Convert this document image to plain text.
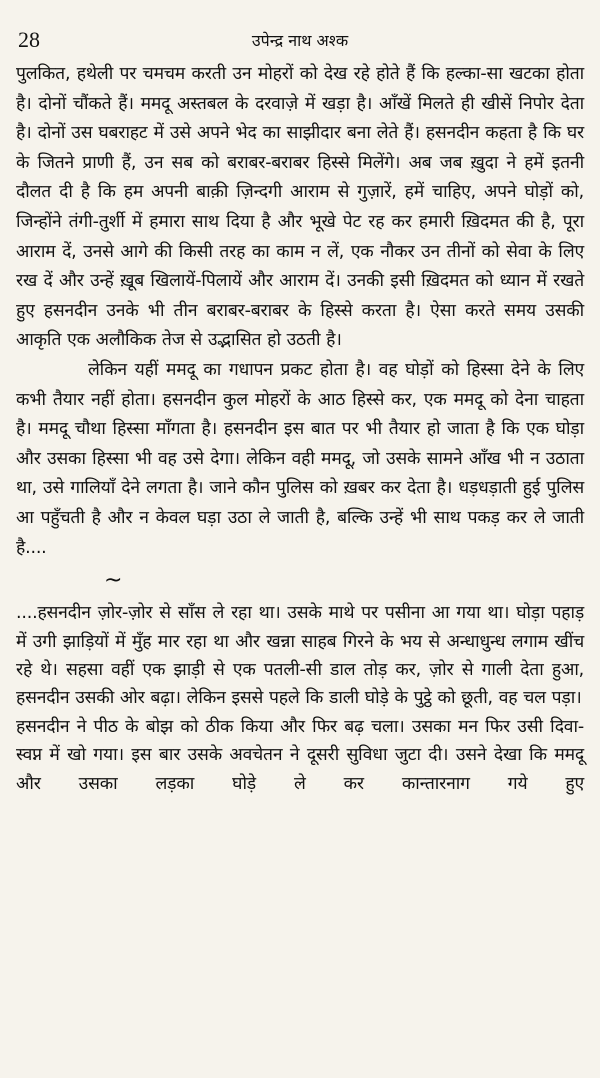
28	उपेन्द्र नाथ अश्क

पुलकित, हथेली पर चमचम करती उन मोहरों को देख रहे होते हैं कि हल्का-सा खटका होता है। दोनों चौंकते हैं। ममदू अस्तबल के दरवाज़े में खड़ा है। आँखें मिलते ही खीसें निपोर देता है। दोनों उस घबराहट में उसे अपने भेद का साझीदार बना लेते हैं। हसनदीन कहता है कि घर के जितने प्राणी हैं, उन सब को बराबर-बराबर हिस्से मिलेंगे। अब जब ख़ुदा ने हमें इतनी दौलत दी है कि हम अपनी बाक़ी ज़िन्दगी आराम से गुज़ारें, हमें चाहिए, अपने घोड़ों को, जिन्होंने तंगी-तुर्शी में हमारा साथ दिया है और भूखे पेट रह कर हमारी ख़िदमत की है, पूरा आराम दें, उनसे आगे की किसी तरह का काम न लें, एक नौकर उन तीनों को सेवा के लिए रख दें और उन्हें ख़ूब खिलायें-पिलायें और आराम दें। उनकी इसी ख़िदमत को ध्यान में रखते हुए हसनदीन उनके भी तीन बराबर-बराबर के हिस्से करता है। ऐसा करते समय उसकी आकृति एक अलौकिक तेज से उद्भासित हो उठती है।

लेकिन यहीं ममदू का गधापन प्रकट होता है। वह घोड़ों को हिस्सा देने के लिए कभी तैयार नहीं होता। हसनदीन कुल मोहरों के आठ हिस्से कर, एक ममदू को देना चाहता है। ममदू चौथा हिस्सा माँगता है। हसनदीन इस बात पर भी तैयार हो जाता है कि एक घोड़ा और उसका हिस्सा भी वह उसे देगा। लेकिन वही ममदू, जो उसके सामने आँख भी न उठाता था, उसे गालियाँ देने लगता है। जाने कौन पुलिस को ख़बर कर देता है। धड़धड़ाती हुई पुलिस आ पहुँचती है और न केवल घड़ा उठा ले जाती है, बल्कि उन्हें भी साथ पकड़ कर ले जाती है....

~

....हसनदीन ज़ोर-ज़ोर से साँस ले रहा था। उसके माथे पर पसीना आ गया था। घोड़ा पहाड़ में उगी झाड़ियों में मुँह मार रहा था और खन्ना साहब गिरने के भय से अन्धाधुन्ध लगाम खींच रहे थे। सहसा वहीं एक झाड़ी से एक पतली-सी डाल तोड़ कर, ज़ोर से गाली देता हुआ, हसनदीन उसकी ओर बढ़ा। लेकिन इससे पहले कि डाली घोड़े के पुट्ठे को छूती, वह चल पड़ा।

हसनदीन ने पीठ के बोझ को ठीक किया और फिर बढ़ चला। उसका मन फिर उसी दिवा-स्वप्न में खो गया। इस बार उसके अवचेतन ने दूसरी सुविधा जुटा दी। उसने देखा कि ममदू और उसका लड़का घोड़े ले कर कान्तारनाग गये हुए
